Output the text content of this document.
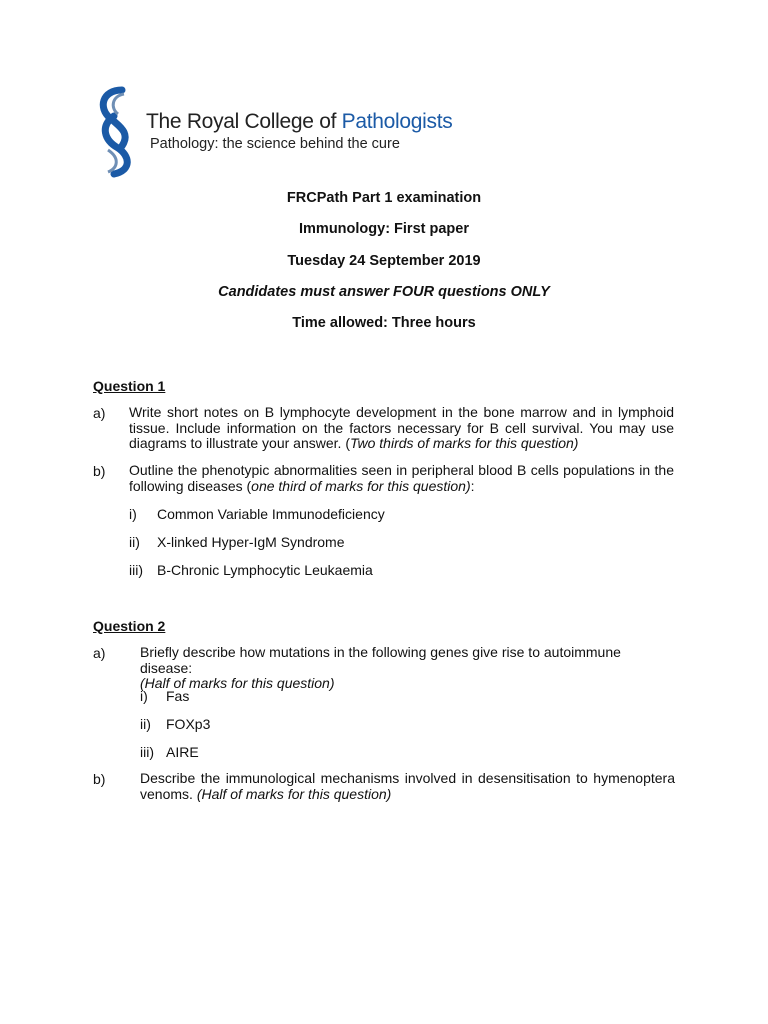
The Royal College of Pathologists
Pathology: the science behind the cure
FRCPath Part 1 examination
Immunology: First paper
Tuesday 24 September 2019
Candidates must answer FOUR questions ONLY
Time allowed: Three hours
Question 1
a) Write short notes on B lymphocyte development in the bone marrow and in lymphoid
tissue. Include information on the factors necessary for B cell survival. You may use
diagrams to illustrate your answer. (Two thirds of marks for this question)
b) Outline the phenotypic abnormalities seen in peripheral blood B cells populations in the
following diseases (one third of marks for this question):
i) Common Variable Immunodeficiency
ii) X-linked Hyper-IgM Syndrome
iii) B-Chronic Lymphocytic Leukaemia
Question 2
a) Briefly describe how mutations in the following genes give rise to autoimmune disease:
(Half of marks for this question)
i) Fas
ii) FOXp3
iii) AIRE
b) Describe the immunological mechanisms involved in desensitisation to hymenoptera
venoms. (Half of marks for this question)
